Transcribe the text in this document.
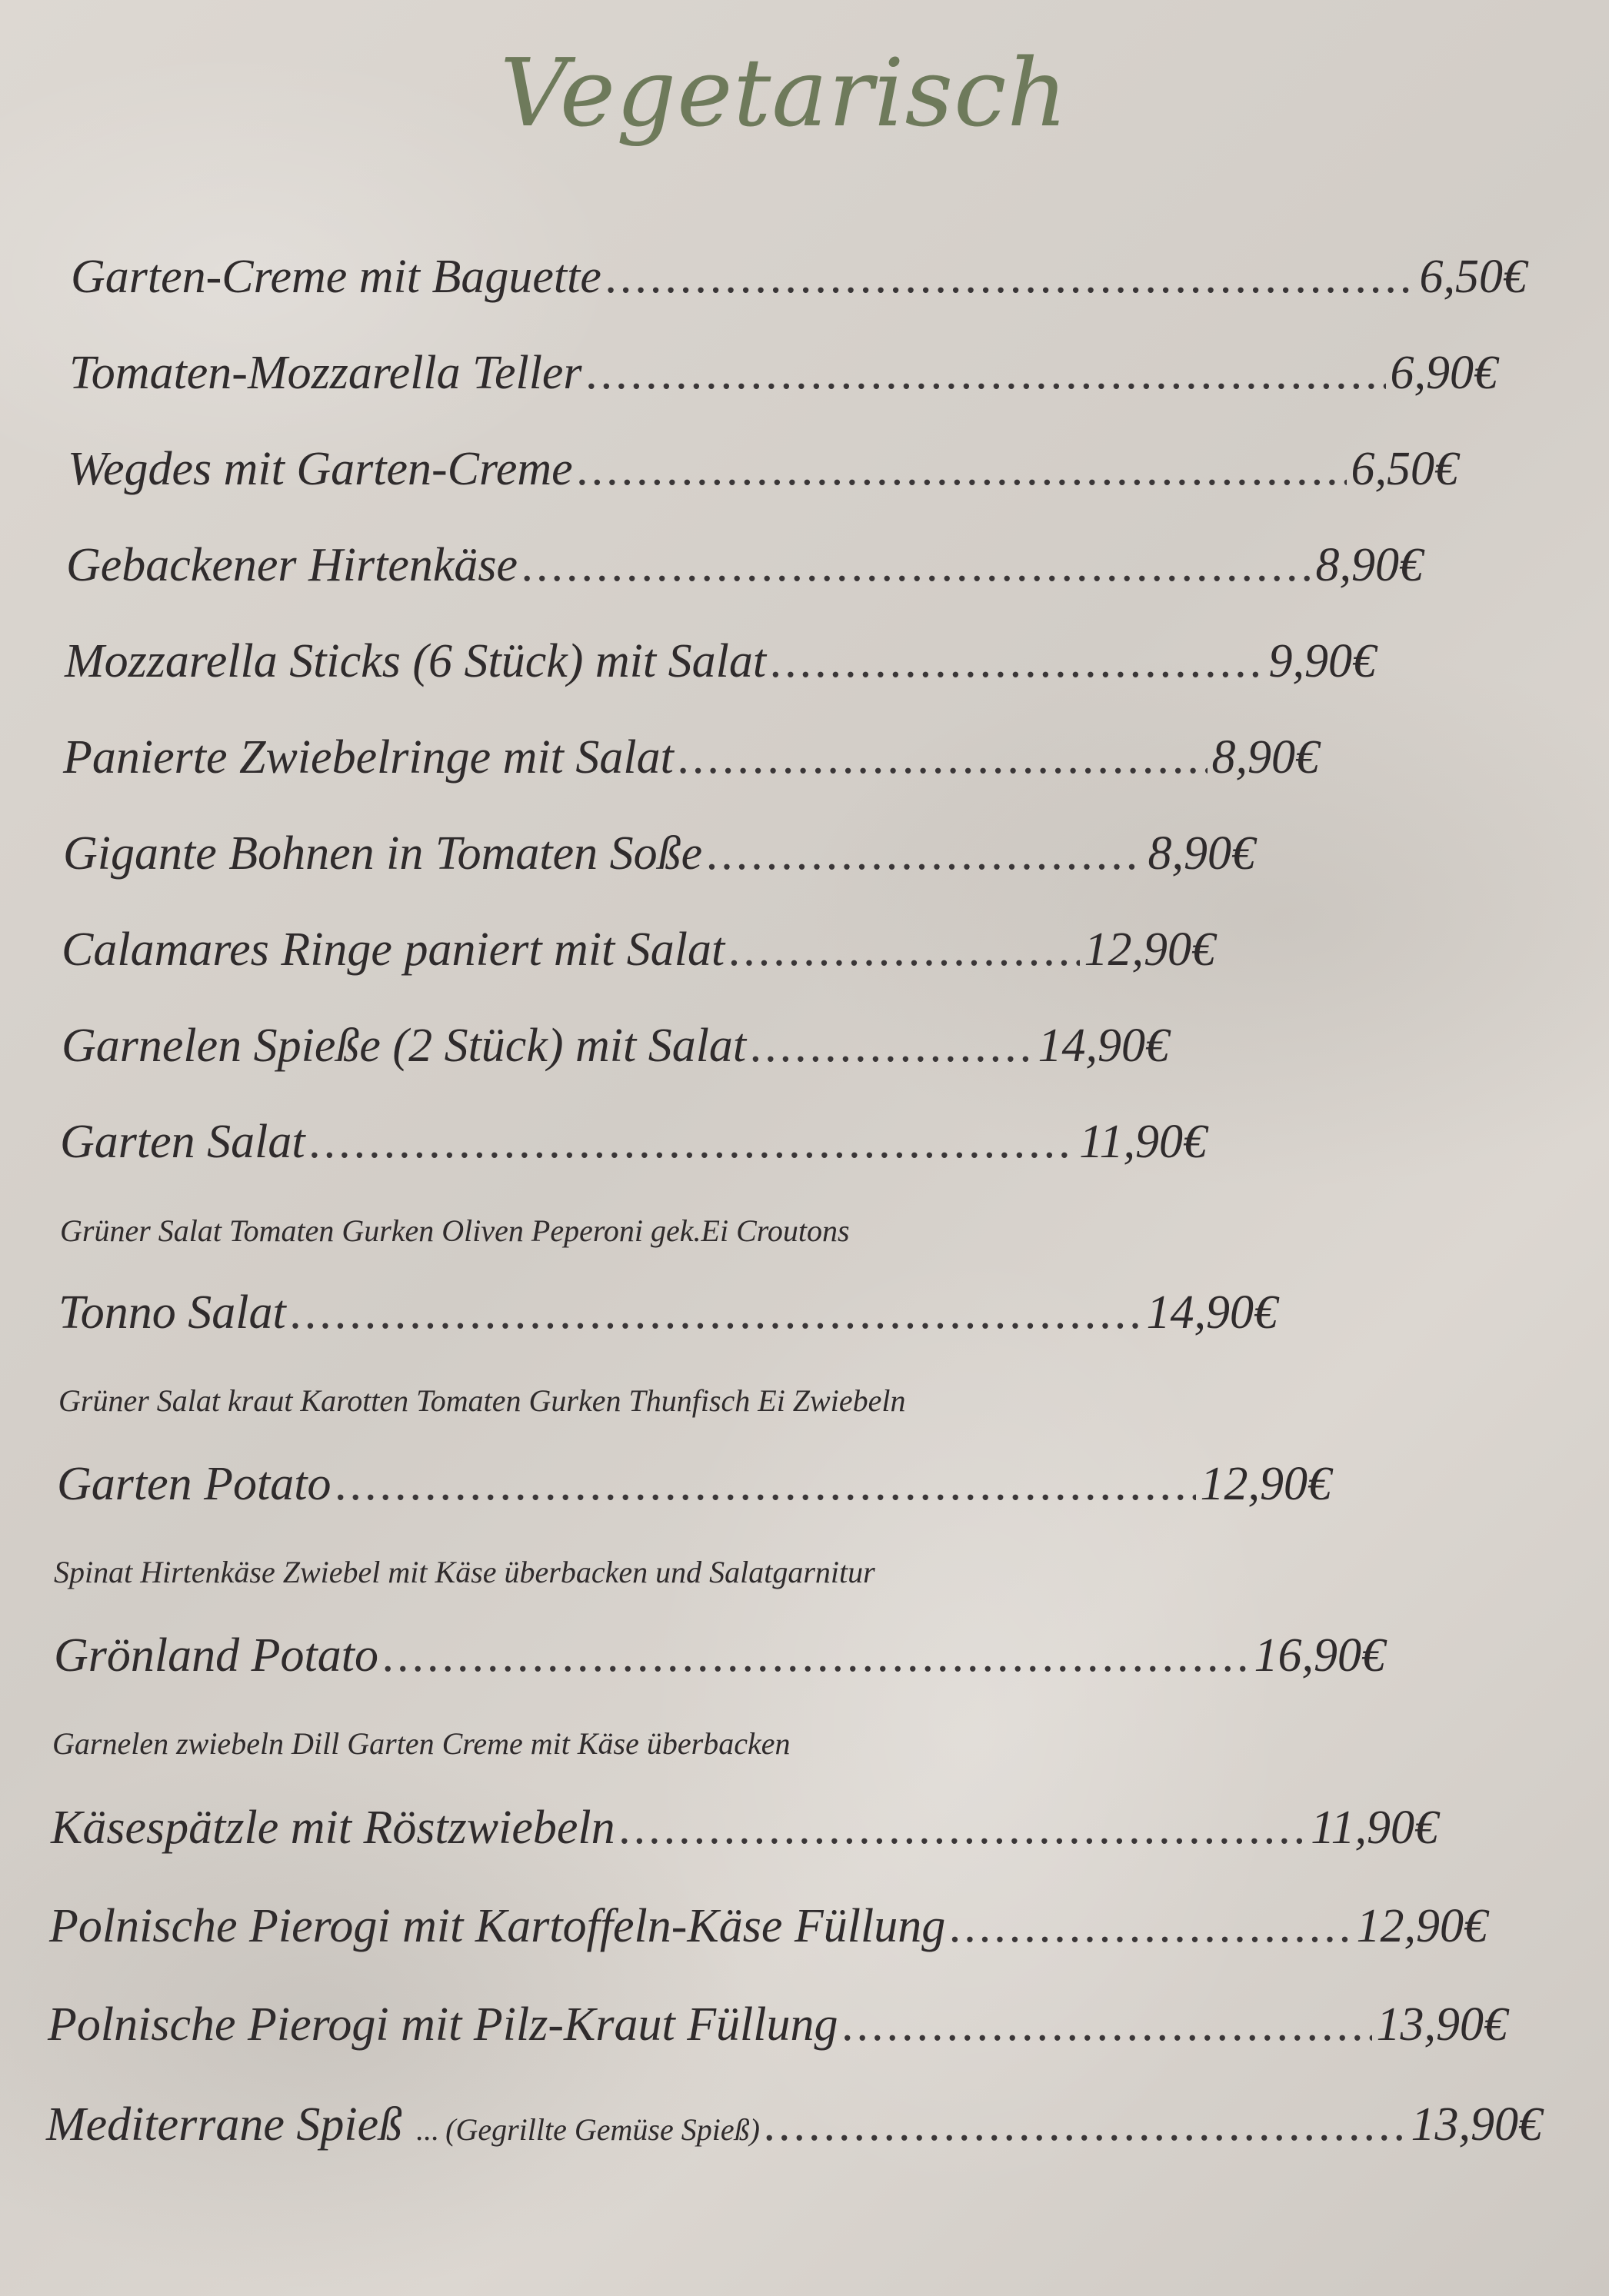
Vegetarisch
Garten-Creme mit Baguette .....	6,50€
Tomaten-Mozzarella Teller .....	6,90€
Wegdes mit Garten-Creme .....	6,50€
Gebackener Hirtenkäse .....	8,90€
Mozzarella Sticks (6 Stück) mit Salat .....	9,90€
Panierte Zwiebelringe mit Salat .....	8,90€
Gigante Bohnen in Tomaten Soße .....	8,90€
Calamares Ringe paniert mit Salat .....	12,90€
Garnelen Spieße (2 Stück) mit Salat .....	14,90€
Garten Salat .....	11,90€
Grüner Salat Tomaten Gurken Oliven Peperoni gek.Ei Croutons
Tonno Salat .....	14,90€
Grüner Salat kraut Karotten Tomaten Gurken Thunfisch Ei Zwiebeln
Garten Potato .....	12,90€
Spinat Hirtenkäse Zwiebel mit Käse überbacken und Salatgarnitur
Grönland Potato .....	16,90€
Garnelen zwiebeln Dill Garten Creme mit Käse überbacken
Käsespätzle mit Röstzwiebeln .....	11,90€
Polnische Pierogi mit Kartoffeln-Käse Füllung .....	12,90€
Polnische Pierogi mit Pilz-Kraut Füllung .....	13,90€
Mediterrane Spieß ... (Gegrillte Gemüse Spieß) .....	13,90€
